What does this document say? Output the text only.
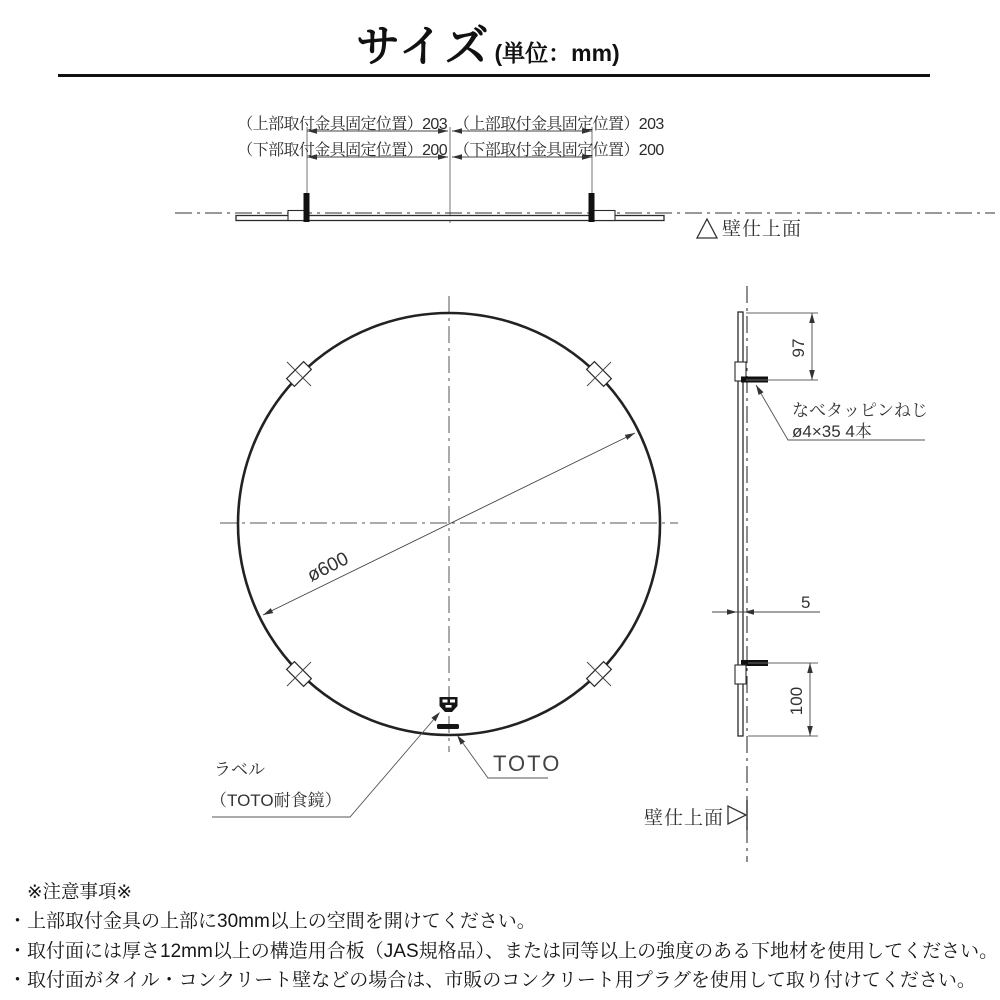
サイズ (単位：mm)
（上部取付金具固定位置）203 （上部取付金具固定位置）203
（下部取付金具固定位置）200 （下部取付金具固定位置）200
壁仕上面
ø600
ラベル
（TOTO耐食鏡）
TOTO
97
なべタッピンねじ
ø4×35 4本
5
100
壁仕上面
※注意事項※
・上部取付金具の上部に30mm以上の空間を開けてください。
・取付面には厚さ12mm以上の構造用合板（JAS規格品）、または同等以上の強度のある下地材を使用してください。
・取付面がタイル・コンクリート壁などの場合は、市販のコンクリート用プラグを使用して取り付けてください。
